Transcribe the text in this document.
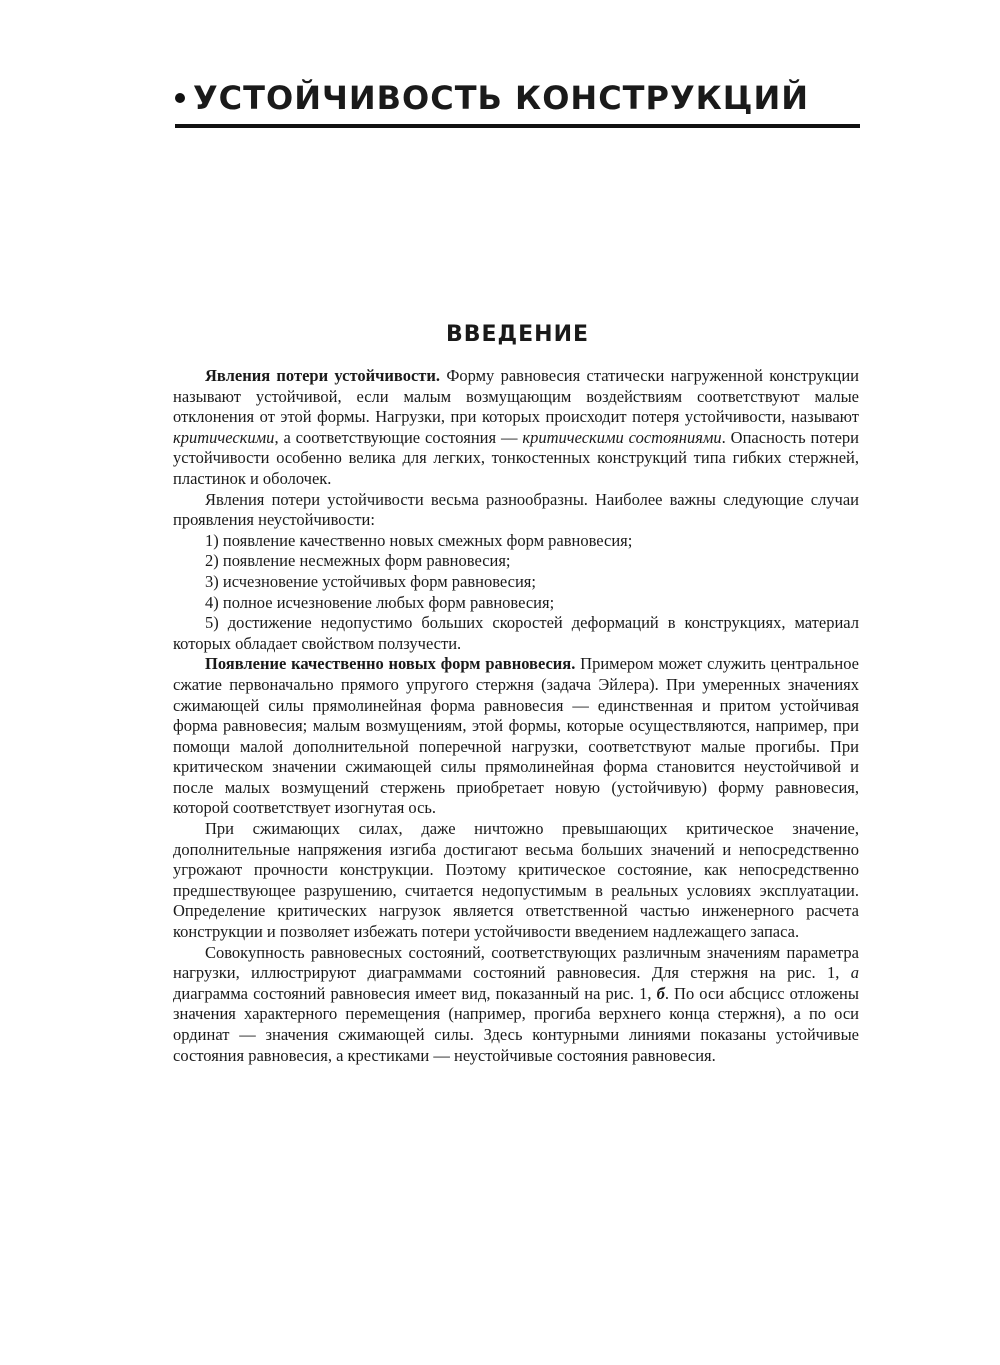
УСТОЙЧИВОСТЬ КОНСТРУКЦИЙ
ВВЕДЕНИЕ

Явления потери устойчивости. Форму равновесия статически нагруженной конструкции называют устойчивой, если малым возмущающим воздействиям соответствуют малые отклонения от этой формы. Нагрузки, при которых происходит потеря устойчивости, называют критическими, а соответствующие состояния — критическими состояниями. Опасность потери устойчивости особенно велика для легких, тонкостенных конструкций типа гибких стержней, пластинок и оболочек.

Явления потери устойчивости весьма разнообразны. Наиболее важны следующие случаи проявления неустойчивости:

1) появление качественно новых смежных форм равновесия;
2) появление несмежных форм равновесия;
3) исчезновение устойчивых форм равновесия;
4) полное исчезновение любых форм равновесия;
5) достижение недопустимо больших скоростей деформаций в конструкциях, материал которых обладает свойством ползучести.

Появление качественно новых форм равновесия. Примером может служить центральное сжатие первоначально прямого упругого стержня (задача Эйлера). При умеренных значениях сжимающей силы прямолинейная форма равновесия — единственная и притом устойчивая форма равновесия; малым возмущениям, этой формы, которые осуществляются, например, при помощи малой дополнительной поперечной нагрузки, соответствуют малые прогибы. При критическом значении сжимающей силы прямолинейная форма становится неустойчивой и после малых возмущений стержень приобретает новую (устойчивую) форму равновесия, которой соответствует изогнутая ось.

При сжимающих силах, даже ничтожно превышающих критическое значение, дополнительные напряжения изгиба достигают весьма больших значений и непосредственно угрожают прочности конструкции. Поэтому критическое состояние, как непосредственно предшествующее разрушению, считается недопустимым в реальных условиях эксплуатации. Определение критических нагрузок является ответственной частью инженерного расчета конструкции и позволяет избежать потери устойчивости введением надлежащего запаса.

Совокупность равновесных состояний, соответствующих различным значениям параметра нагрузки, иллюстрируют диаграммами состояний равновесия. Для стержня на рис. 1, а диаграмма состояний равновесия имеет вид, показанный на рис. 1, б. По оси абсцисс отложены значения характерного перемещения (например, прогиба верхнего конца стержня), а по оси ординат — значения сжимающей силы. Здесь контурными линиями показаны устойчивые состояния равновесия, а крестиками — неустойчивые состояния равновесия.
